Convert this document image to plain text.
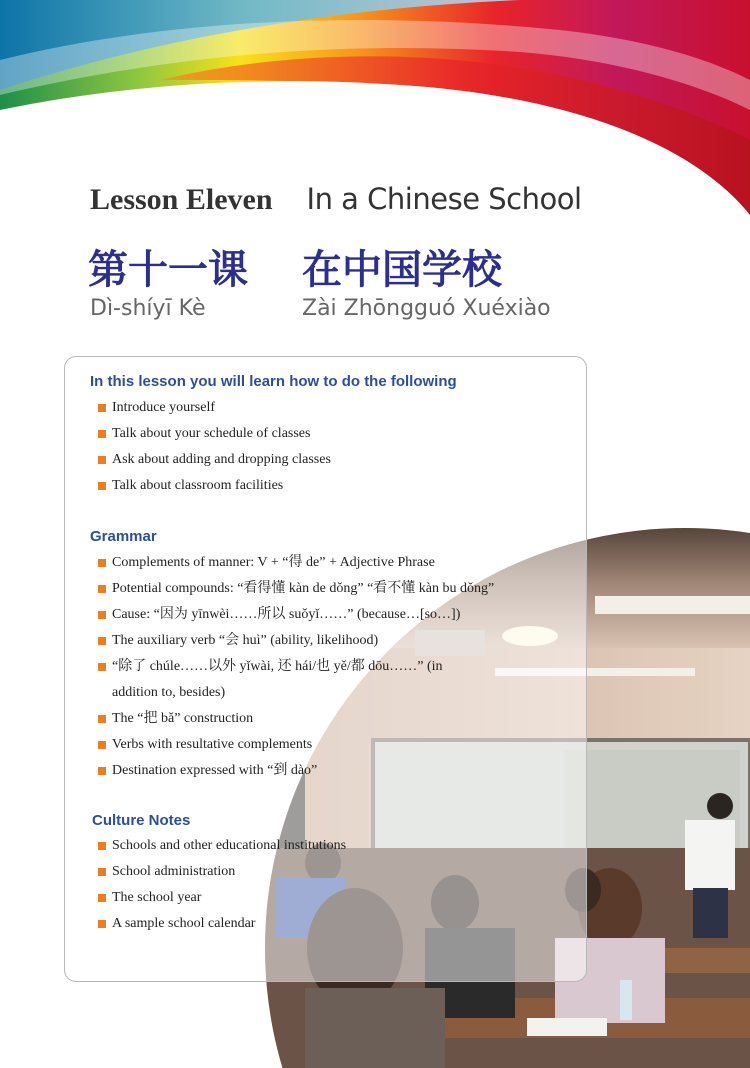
Lesson Eleven In a Chinese School
第十一课 在中国学校
Dì-shíyī Kè	Zài Zhōngguó Xuéxiào
In this lesson you will learn how to do the following
Introduce yourself
Talk about your schedule of classes
Ask about adding and dropping classes
Talk about classroom facilities
Grammar
Complements of manner: V + “得 de” + Adjective Phrase
Potential compounds: “看得懂 kàn de dǒng” “看不懂 kàn bu dǒng”
Cause: “因为 yīnwèi……所以 suǒyǐ……” (because…[so…])
The auxiliary verb “会 huì” (ability, likelihood)
“除了 chúle……以外 yǐwài, 还 hái/也 yě/都 dōu……” (in
addition to, besides)
The “把 bǎ” construction
Verbs with resultative complements
Destination expressed with “到 dào”
Culture Notes
Schools and other educational institutions
School administration
The school year
A sample school calendar
